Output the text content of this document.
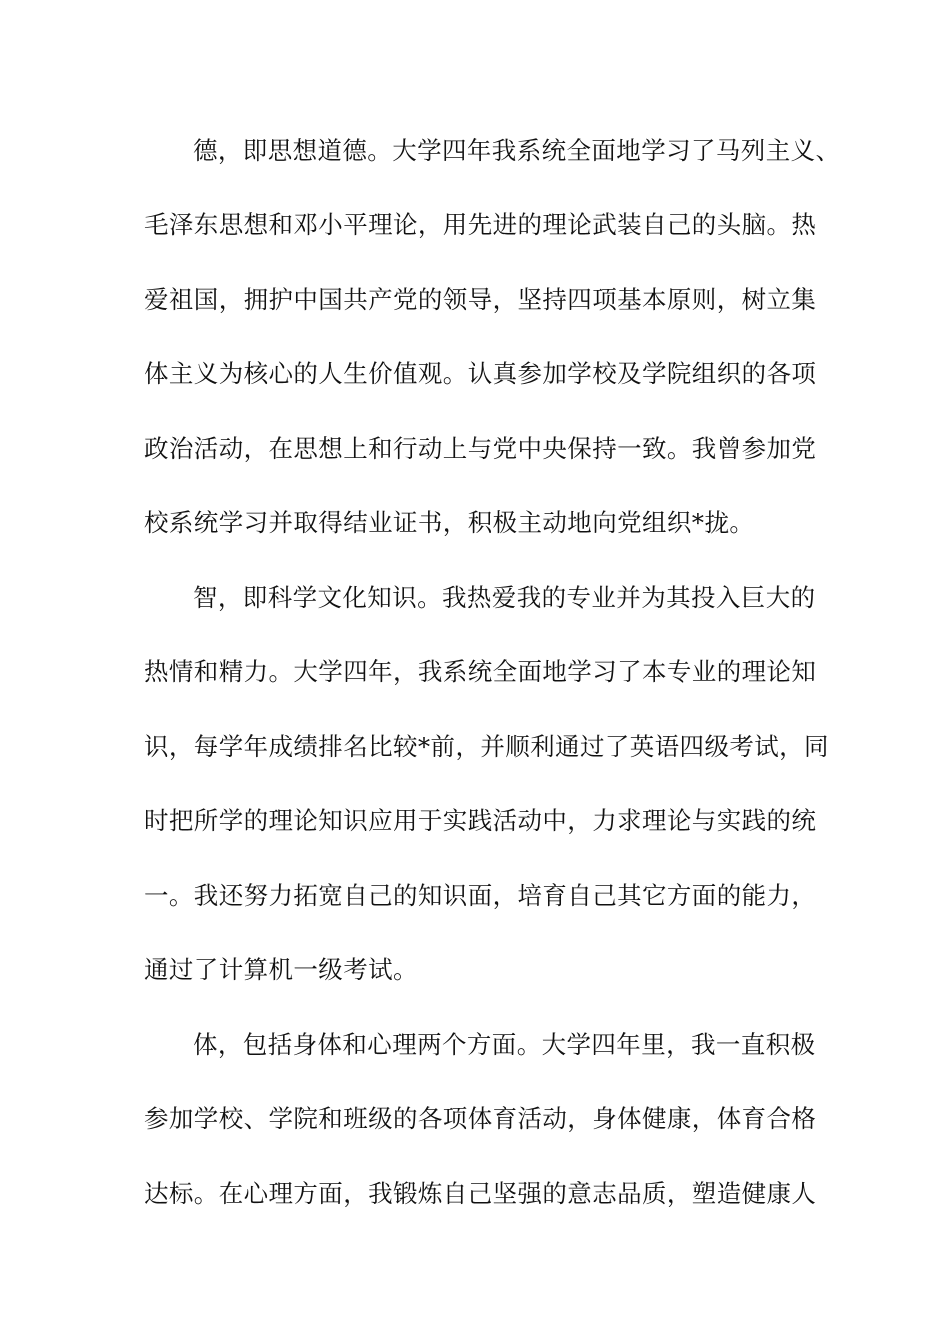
德，即思想道德。大学四年我系统全面地学习了马列主义、
毛泽东思想和邓小平理论，用先进的理论武装自己的头脑。热
爱祖国，拥护中国共产党的领导，坚持四项基本原则，树立集
体主义为核心的人生价值观。认真参加学校及学院组织的各项
政治活动，在思想上和行动上与党中央保持一致。我曾参加党
校系统学习并取得结业证书，积极主动地向党组织*拢。
智，即科学文化知识。我热爱我的专业并为其投入巨大的
热情和精力。大学四年，我系统全面地学习了本专业的理论知
识，每学年成绩排名比较*前，并顺利通过了英语四级考试，同
时把所学的理论知识应用于实践活动中，力求理论与实践的统
一。我还努力拓宽自己的知识面，培育自己其它方面的能力，
通过了计算机一级考试。
体，包括身体和心理两个方面。大学四年里，我一直积极
参加学校、学院和班级的各项体育活动，身体健康，体育合格
达标。在心理方面，我锻炼自己坚强的意志品质，塑造健康人
